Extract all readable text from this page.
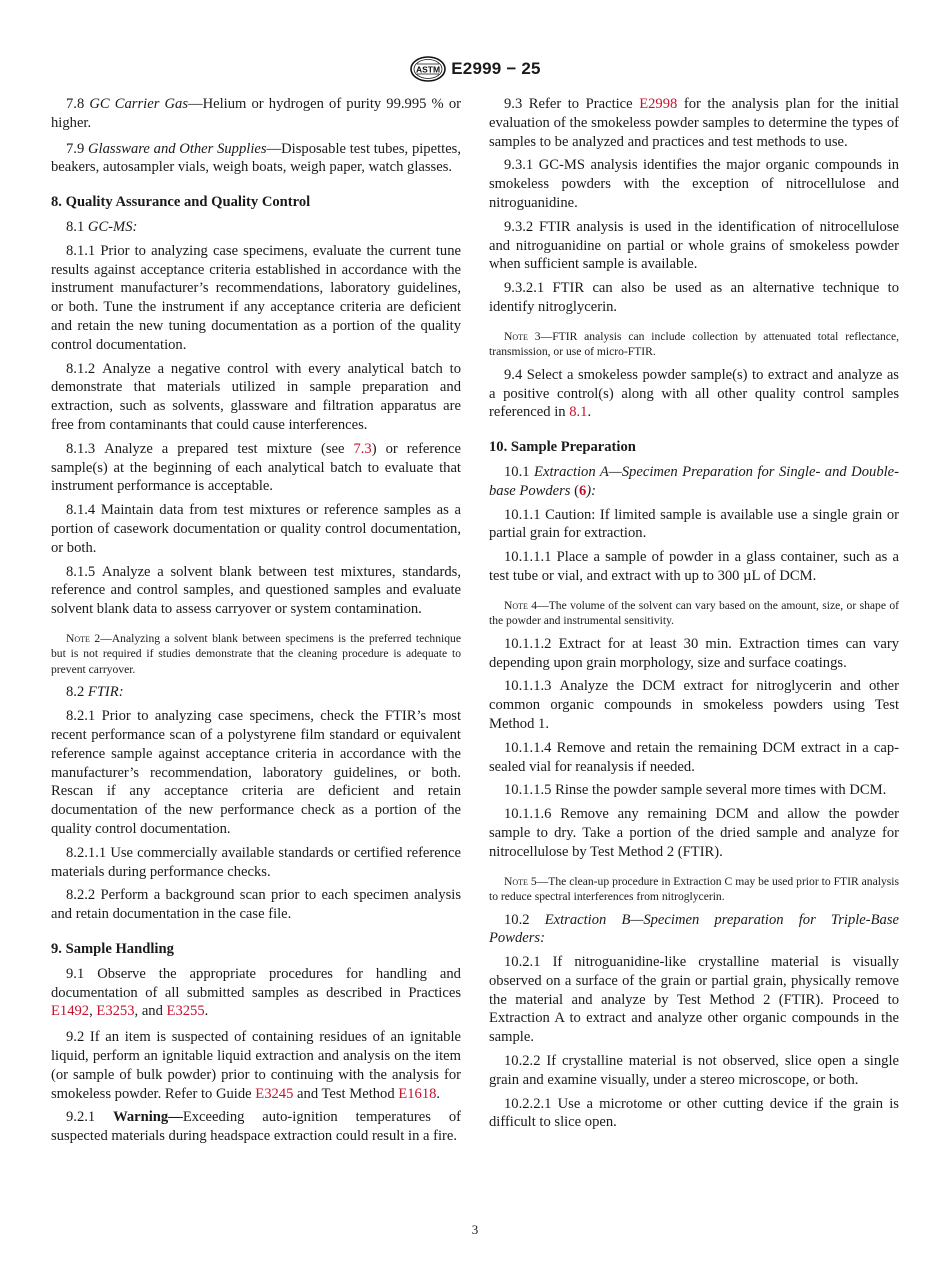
ASTM E2999 − 25

7.8 GC Carrier Gas—Helium or hydrogen of purity 99.995 % or higher.

7.9 Glassware and Other Supplies—Disposable test tubes, pipettes, beakers, autosampler vials, weigh boats, weigh paper, watch glasses.

8. Quality Assurance and Quality Control

8.1 GC-MS:

8.1.1 Prior to analyzing case specimens, evaluate the current tune results against acceptance criteria established in accordance with the instrument manufacturer’s recommendations, laboratory guidelines, or both. Tune the instrument if any acceptance criteria are deficient and retain the new tuning documentation as a portion of the quality control documentation.

8.1.2 Analyze a negative control with every analytical batch to demonstrate that materials utilized in sample preparation and extraction, such as solvents, glassware and filtration apparatus are free from contaminants that could cause interferences.

8.1.3 Analyze a prepared test mixture (see 7.3) or reference sample(s) at the beginning of each analytical batch to evaluate that instrument performance is acceptable.

8.1.4 Maintain data from test mixtures or reference samples as a portion of casework documentation or quality control documentation, or both.

8.1.5 Analyze a solvent blank between test mixtures, standards, reference and control samples, and questioned samples and evaluate solvent blank data to assess carryover or system contamination.

Note 2—Analyzing a solvent blank between specimens is the preferred technique but is not required if studies demonstrate that the cleaning procedure is adequate to prevent carryover.

8.2 FTIR:

8.2.1 Prior to analyzing case specimens, check the FTIR’s most recent performance scan of a polystyrene film standard or equivalent reference sample against acceptance criteria in accordance with the manufacturer’s recommendation, laboratory guidelines, or both. Rescan if any acceptance criteria are deficient and retain documentation of the new performance check as a portion of the quality control documentation.

8.2.1.1 Use commercially available standards or certified reference materials during performance checks.

8.2.2 Perform a background scan prior to each specimen analysis and retain documentation in the case file.

9. Sample Handling

9.1 Observe the appropriate procedures for handling and documentation of all submitted samples as described in Practices E1492, E3253, and E3255.

9.2 If an item is suspected of containing residues of an ignitable liquid, perform an ignitable liquid extraction and analysis on the item (or sample of bulk powder) prior to continuing with the analysis for smokeless powder. Refer to Guide E3245 and Test Method E1618.

9.2.1 Warning—Exceeding auto-ignition temperatures of suspected materials during headspace extraction could result in a fire.

9.3 Refer to Practice E2998 for the analysis plan for the initial evaluation of the smokeless powder samples to determine the types of samples to be analyzed and practices and test methods to use.

9.3.1 GC-MS analysis identifies the major organic compounds in smokeless powders with the exception of nitrocellulose and nitroguanidine.

9.3.2 FTIR analysis is used in the identification of nitrocellulose and nitroguanidine on partial or whole grains of smokeless powder when sufficient sample is available.

9.3.2.1 FTIR can also be used as an alternative technique to identify nitroglycerin.

Note 3—FTIR analysis can include collection by attenuated total reflectance, transmission, or use of micro-FTIR.

9.4 Select a smokeless powder sample(s) to extract and analyze as a positive control(s) along with all other quality control samples referenced in 8.1.

10. Sample Preparation

10.1 Extraction A—Specimen Preparation for Single- and Double-base Powders (6):

10.1.1 Caution: If limited sample is available use a single grain or partial grain for extraction.

10.1.1.1 Place a sample of powder in a glass container, such as a test tube or vial, and extract with up to 300 µL of DCM.

Note 4—The volume of the solvent can vary based on the amount, size, or shape of the powder and instrumental sensitivity.

10.1.1.2 Extract for at least 30 min. Extraction times can vary depending upon grain morphology, size and surface coatings.

10.1.1.3 Analyze the DCM extract for nitroglycerin and other common organic compounds in smokeless powders using Test Method 1.

10.1.1.4 Remove and retain the remaining DCM extract in a cap-sealed vial for reanalysis if needed.

10.1.1.5 Rinse the powder sample several more times with DCM.

10.1.1.6 Remove any remaining DCM and allow the powder sample to dry. Take a portion of the dried sample and analyze for nitrocellulose by Test Method 2 (FTIR).

Note 5—The clean-up procedure in Extraction C may be used prior to FTIR analysis to reduce spectral interferences from nitroglycerin.

10.2 Extraction B—Specimen preparation for Triple-Base Powders:

10.2.1 If nitroguanidine-like crystalline material is visually observed on a surface of the grain or partial grain, physically remove the material and analyze by Test Method 2 (FTIR). Proceed to Extraction A to extract and analyze other organic compounds in the sample.

10.2.2 If crystalline material is not observed, slice open a single grain and examine visually, under a stereo microscope, or both.

10.2.2.1 Use a microtome or other cutting device if the grain is difficult to slice open.

3
